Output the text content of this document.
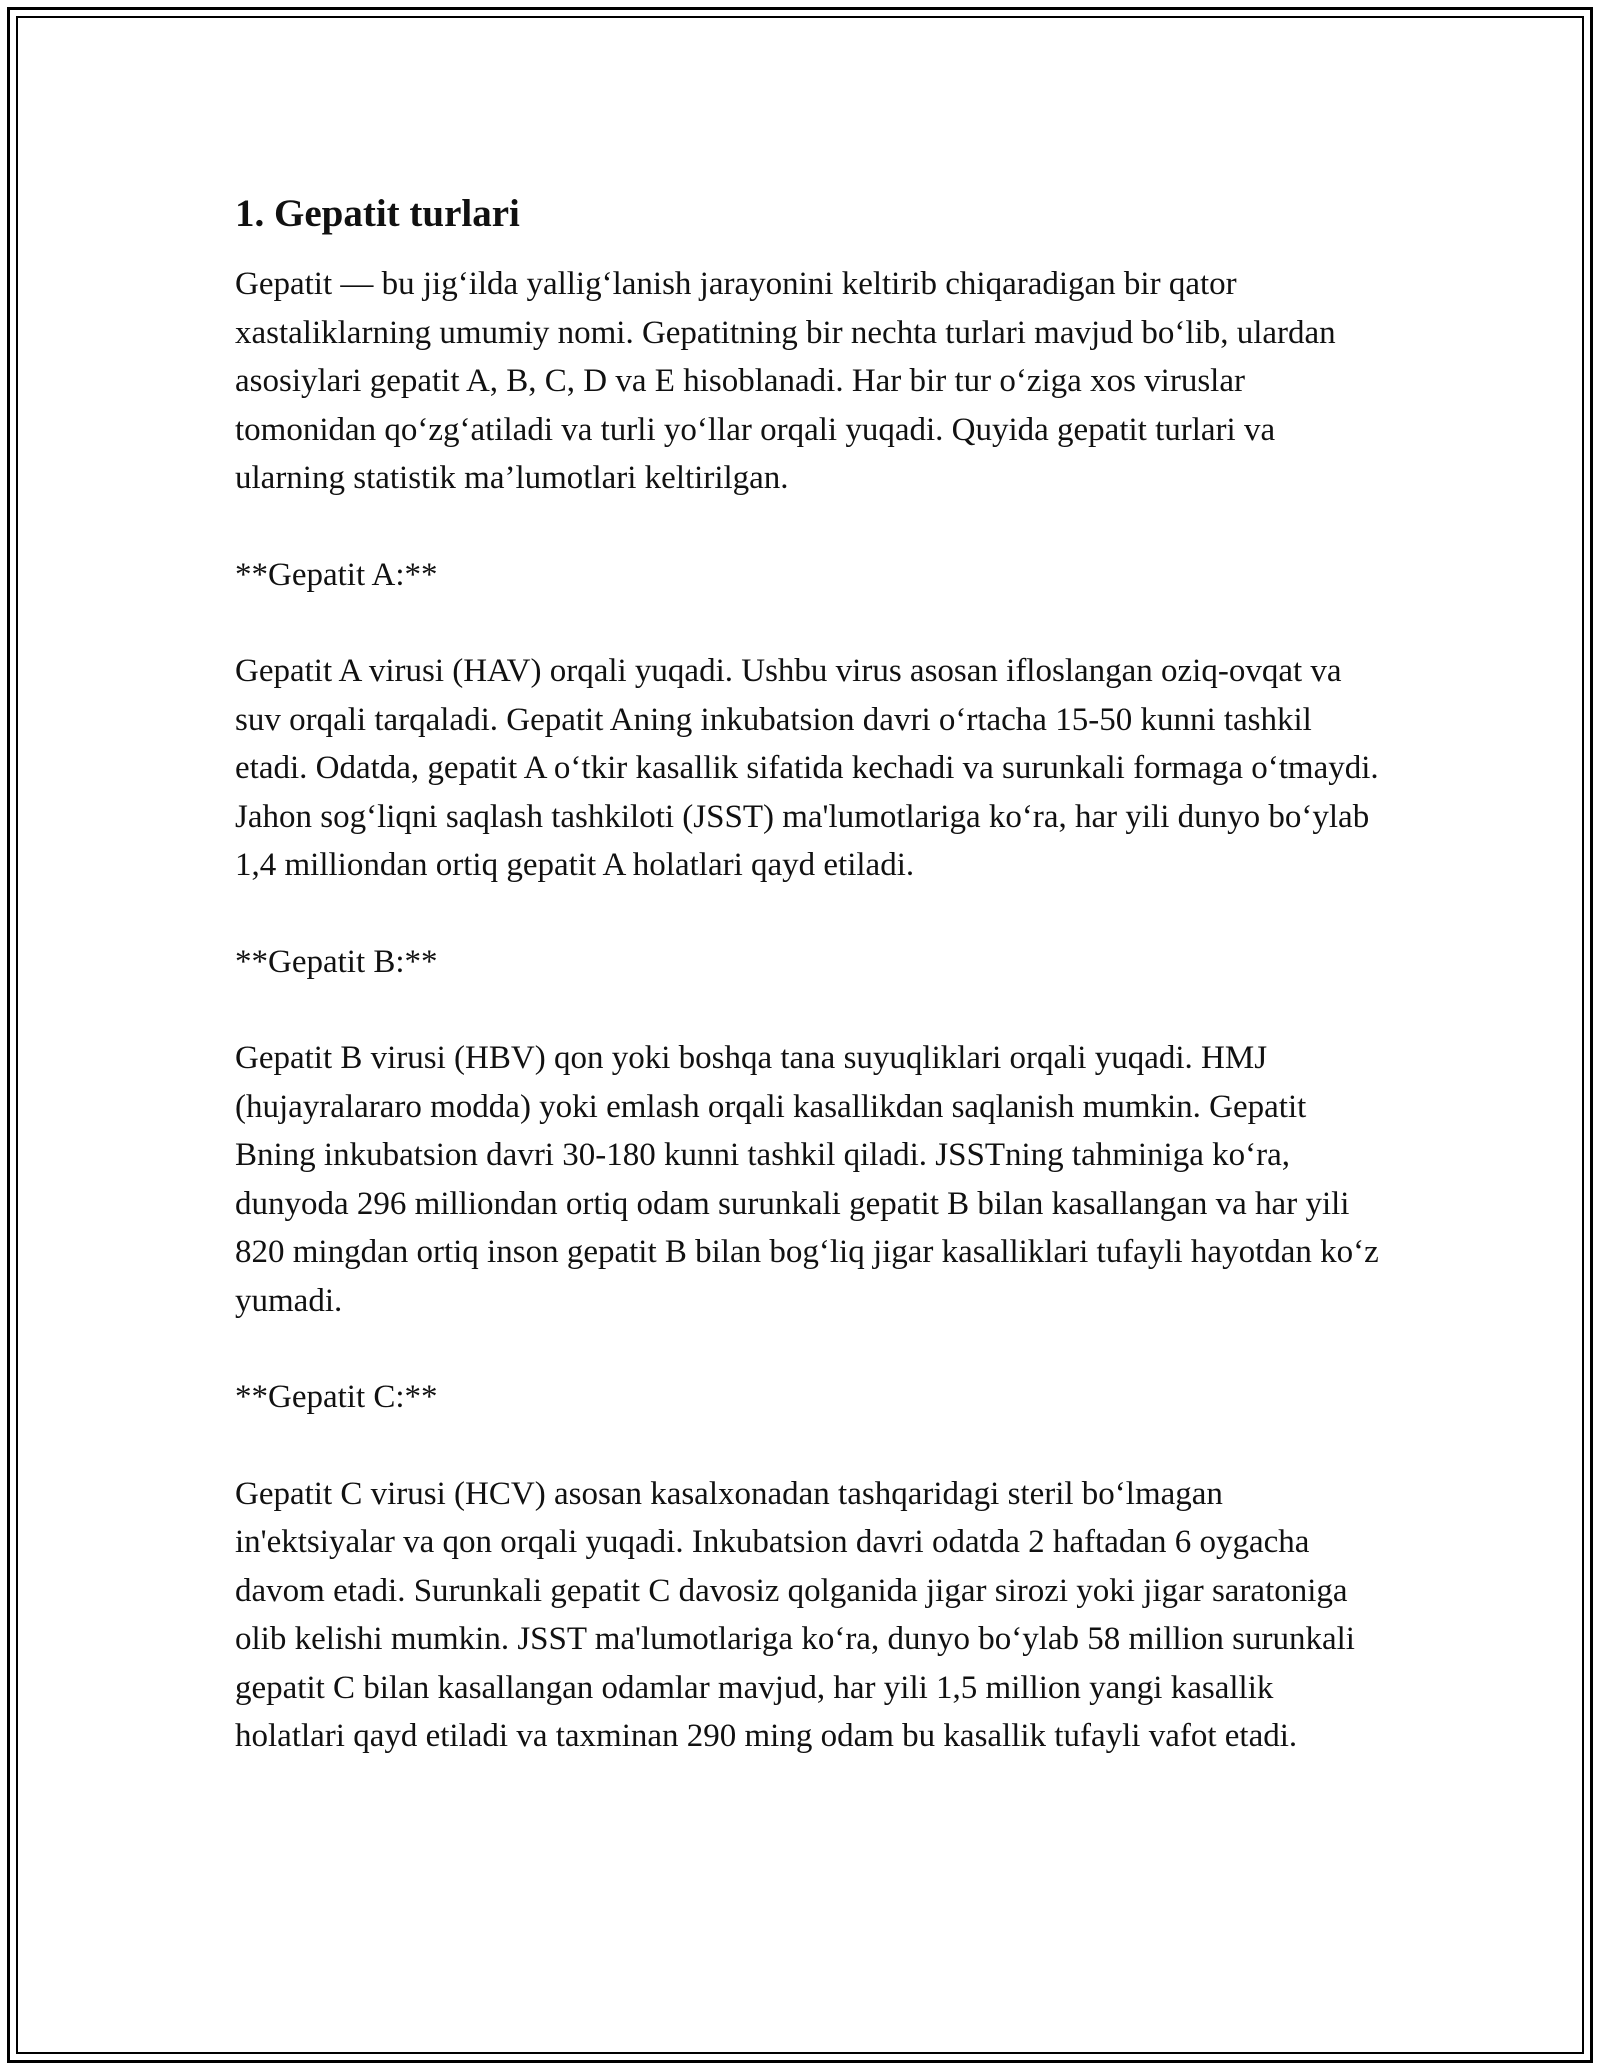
1. Gepatit turlari

Gepatit — bu jig‘ilda yallig‘lanish jarayonini keltirib chiqaradigan bir qator xastaliklarning umumiy nomi. Gepatitning bir nechta turlari mavjud bo‘lib, ulardan asosiylari gepatit A, B, C, D va E hisoblanadi. Har bir tur o‘ziga xos viruslar tomonidan qo‘zg‘atiladi va turli yo‘llar orqali yuqadi. Quyida gepatit turlari va ularning statistik ma’lumotlari keltirilgan.

**Gepatit A:**

Gepatit A virusi (HAV) orqali yuqadi. Ushbu virus asosan ifloslangan oziq-ovqat va suv orqali tarqaladi. Gepatit Aning inkubatsion davri o‘rtacha 15-50 kunni tashkil etadi. Odatda, gepatit A o‘tkir kasallik sifatida kechadi va surunkali formaga o‘tmaydi. Jahon sog‘liqni saqlash tashkiloti (JSST) ma'lumotlariga ko‘ra, har yili dunyo bo‘ylab 1,4 milliondan ortiq gepatit A holatlari qayd etiladi.

**Gepatit B:**

Gepatit B virusi (HBV) qon yoki boshqa tana suyuqliklari orqali yuqadi. HMJ (hujayralararo modda) yoki emlash orqali kasallikdan saqlanish mumkin. Gepatit Bning inkubatsion davri 30-180 kunni tashkil qiladi. JSSTning tahminiga ko‘ra, dunyoda 296 milliondan ortiq odam surunkali gepatit B bilan kasallangan va har yili 820 mingdan ortiq inson gepatit B bilan bog‘liq jigar kasalliklari tufayli hayotdan ko‘z yumadi.

**Gepatit C:**

Gepatit C virusi (HCV) asosan kasalxonadan tashqaridagi steril bo‘lmagan in'ektsiyalar va qon orqali yuqadi. Inkubatsion davri odatda 2 haftadan 6 oygacha davom etadi. Surunkali gepatit C davosiz qolganida jigar sirozi yoki jigar saratoniga olib kelishi mumkin. JSST ma'lumotlariga ko‘ra, dunyo bo‘ylab 58 million surunkali gepatit C bilan kasallangan odamlar mavjud, har yili 1,5 million yangi kasallik holatlari qayd etiladi va taxminan 290 ming odam bu kasallik tufayli vafot etadi.
